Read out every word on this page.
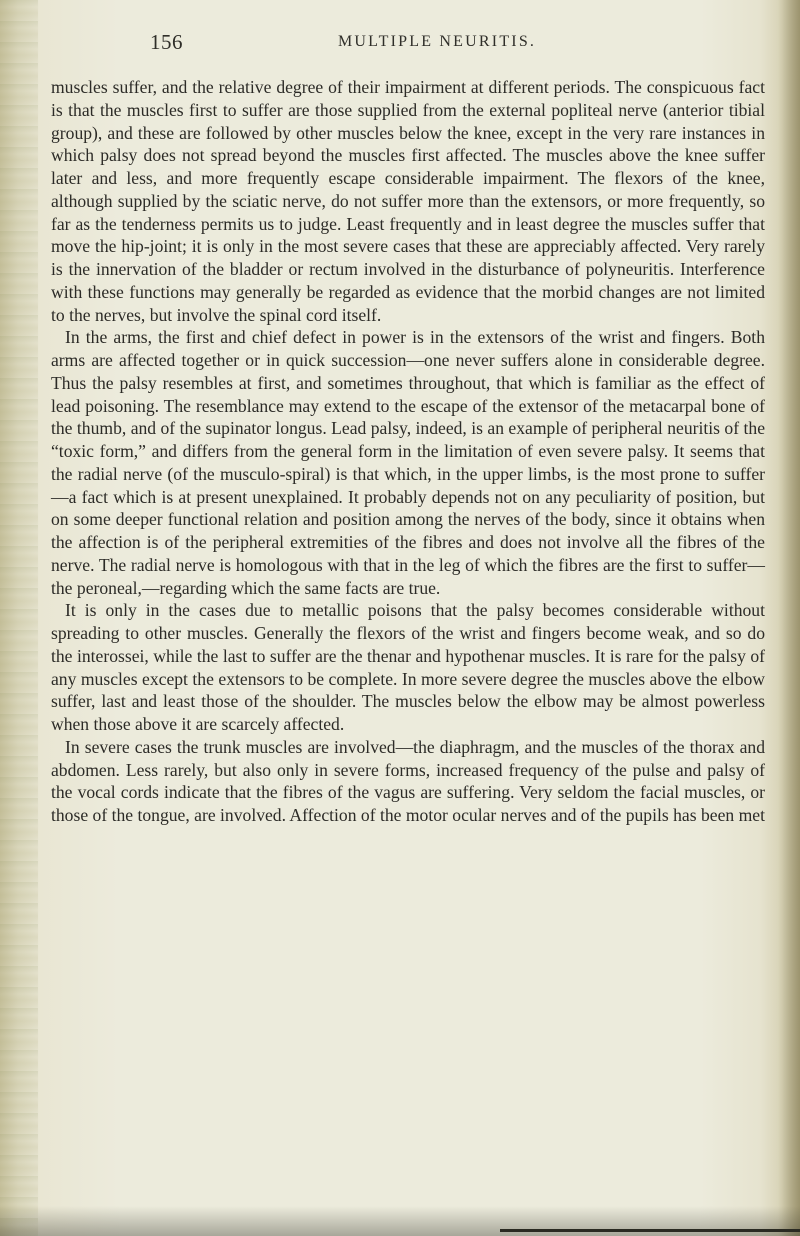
156	MULTIPLE NEURITIS.

muscles suffer, and the relative degree of their impairment at different periods. The conspicuous fact is that the muscles first to suffer are those supplied from the external popliteal nerve (anterior tibial group), and these are followed by other muscles below the knee, except in the very rare instances in which palsy does not spread beyond the muscles first affected. The muscles above the knee suffer later and less, and more frequently escape considerable impairment. The flexors of the knee, although supplied by the sciatic nerve, do not suffer more than the extensors, or more frequently, so far as the tenderness permits us to judge. Least frequently and in least degree the muscles suffer that move the hip-joint; it is only in the most severe cases that these are appreciably affected. Very rarely is the innervation of the bladder or rectum involved in the disturbance of polyneuritis. Interference with these functions may generally be regarded as evidence that the morbid changes are not limited to the nerves, but involve the spinal cord itself.

In the arms, the first and chief defect in power is in the extensors of the wrist and fingers. Both arms are affected together or in quick succession—one never suffers alone in considerable degree. Thus the palsy resembles at first, and sometimes throughout, that which is familiar as the effect of lead poisoning. The resemblance may extend to the escape of the extensor of the metacarpal bone of the thumb, and of the supinator longus. Lead palsy, indeed, is an example of peripheral neuritis of the “toxic form,” and differs from the general form in the limitation of even severe palsy. It seems that the radial nerve (of the musculo-spiral) is that which, in the upper limbs, is the most prone to suffer—a fact which is at present unexplained. It probably depends not on any peculiarity of position, but on some deeper functional relation and position among the nerves of the body, since it obtains when the affection is of the peripheral extremities of the fibres and does not involve all the fibres of the nerve. The radial nerve is homologous with that in the leg of which the fibres are the first to suffer—the peroneal,—regarding which the same facts are true.

It is only in the cases due to metallic poisons that the palsy becomes considerable without spreading to other muscles. Generally the flexors of the wrist and fingers become weak, and so do the interossei, while the last to suffer are the thenar and hypothenar muscles. It is rare for the palsy of any muscles except the extensors to be complete. In more severe degree the muscles above the elbow suffer, last and least those of the shoulder. The muscles below the elbow may be almost powerless when those above it are scarcely affected.

In severe cases the trunk muscles are involved—the diaphragm, and the muscles of the thorax and abdomen. Less rarely, but also only in severe forms, increased frequency of the pulse and palsy of the vocal cords indicate that the fibres of the vagus are suffering. Very seldom the facial muscles, or those of the tongue, are involved. Affection of the motor ocular nerves and of the pupils has been met
